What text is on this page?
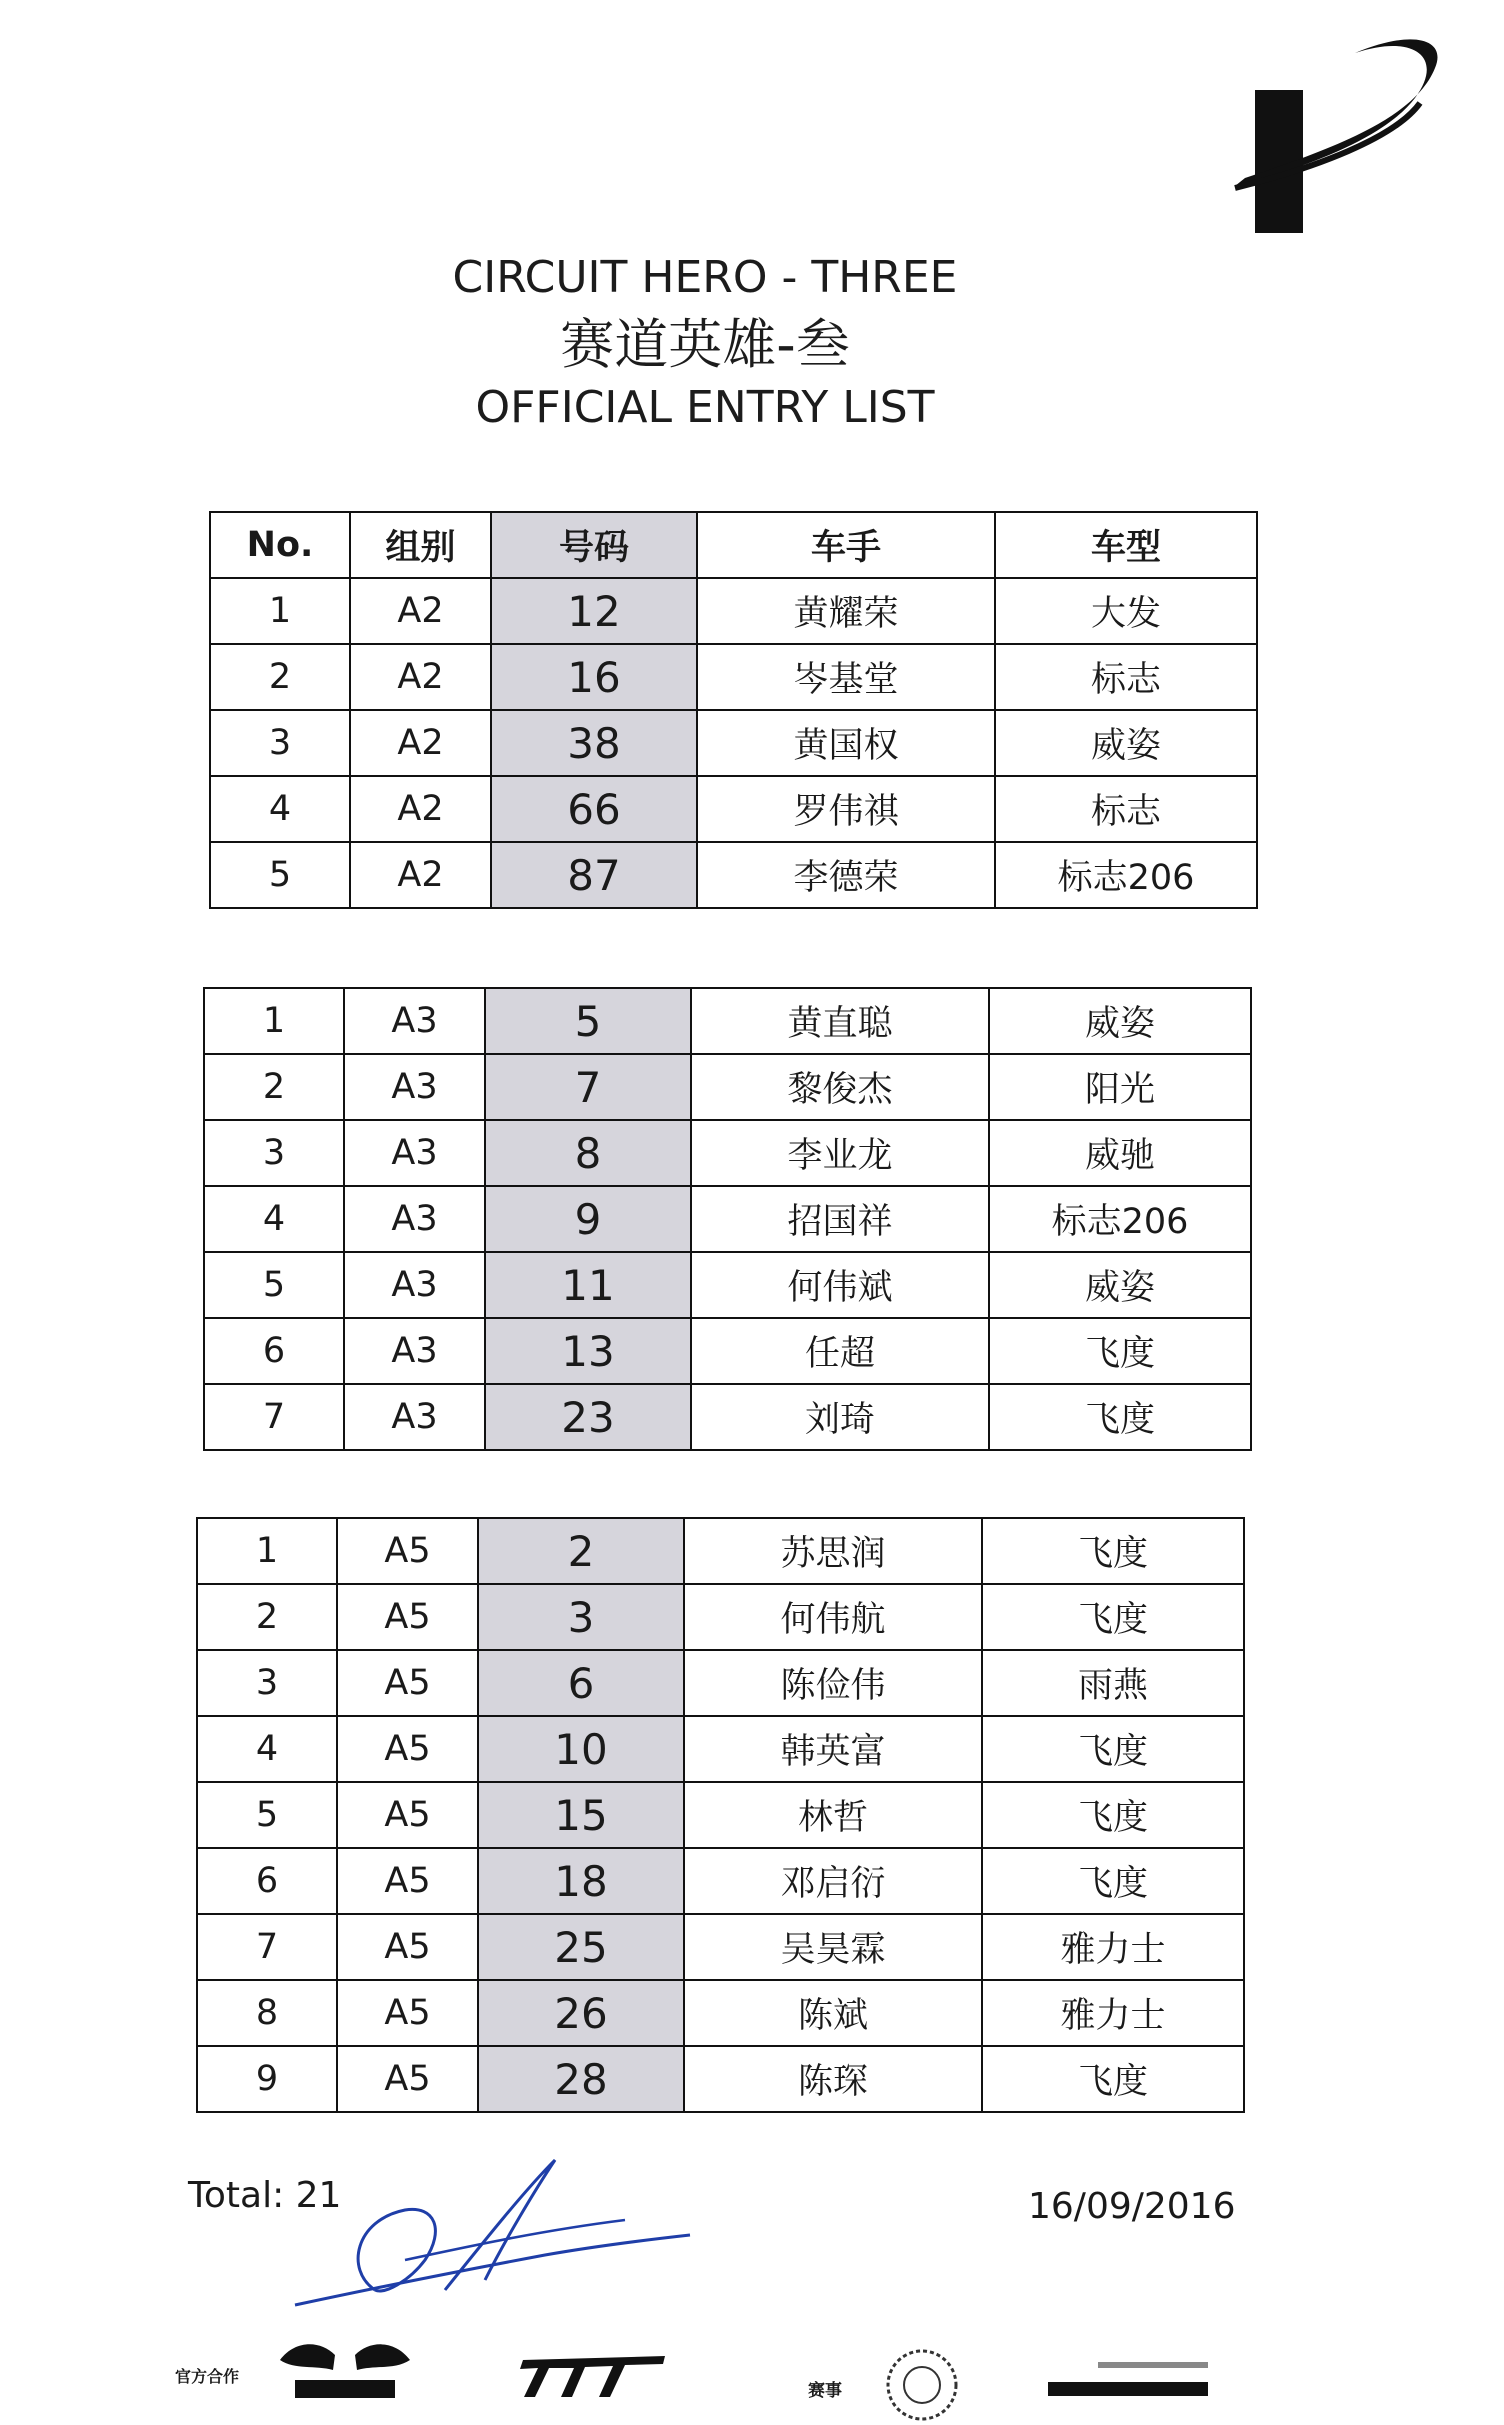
CIRCUIT HERO - THREE
赛道英雄-叁
OFFICIAL ENTRY LIST
No.	组别	号码	车手	车型
1	A2	12	黄耀荣	大发
2	A2	16	岑基堂	标志
3	A2	38	黄国权	威姿
4	A2	66	罗伟祺	标志
5	A2	87	李德荣	标志206
1	A3	5	黄直聪	威姿
2	A3	7	黎俊杰	阳光
3	A3	8	李业龙	威驰
4	A3	9	招国祥	标志206
5	A3	11	何伟斌	威姿
6	A3	13	任超	飞度
7	A3	23	刘琦	飞度
1	A5	2	苏思润	飞度
2	A5	3	何伟航	飞度
3	A5	6	陈俭伟	雨燕
4	A5	10	韩英富	飞度
5	A5	15	林哲	飞度
6	A5	18	邓启衍	飞度
7	A5	25	吴昊霖	雅力士
8	A5	26	陈斌	雅力士
9	A5	28	陈琛	飞度
Total: 21	16/09/2016
官方合作
赛事
